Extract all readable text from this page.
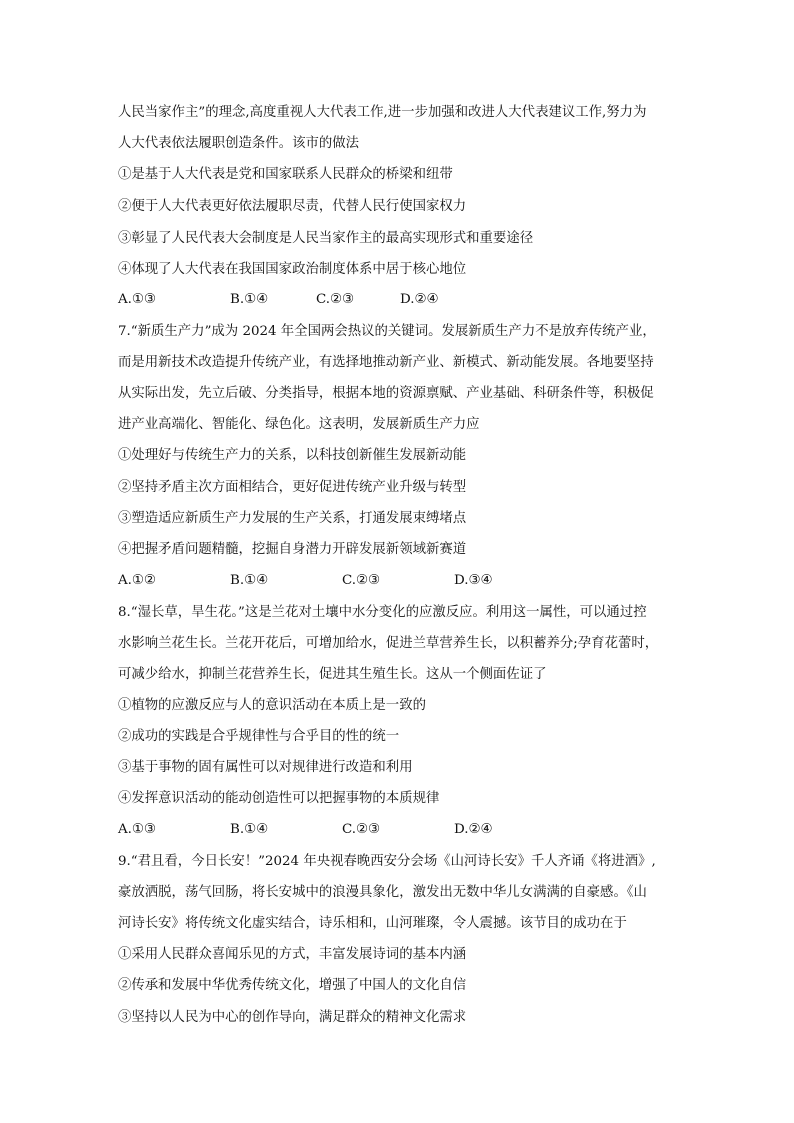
人民当家作主”的理念,高度重视人大代表工作,进一步加强和改进人大代表建议工作,努力为
人大代表依法履职创造条件。该市的做法
①是基于人大代表是党和国家联系人民群众的桥梁和纽带
②便于人大代表更好依法履职尽责，代替人民行使国家权力
③彰显了人民代表大会制度是人民当家作主的最高实现形式和重要途径
④体现了人大代表在我国国家政治制度体系中居于核心地位
A.①③	B.①④	C.②③	D.②④
7.“新质生产力”成为 2024 年全国两会热议的关键词。发展新质生产力不是放弃传统产业，
而是用新技术改造提升传统产业，有选择地推动新产业、新模式、新动能发展。各地要坚持
从实际出发，先立后破、分类指导，根据本地的资源禀赋、产业基础、科研条件等，积极促
进产业高端化、智能化、绿色化。这表明，发展新质生产力应
①处理好与传统生产力的关系，以科技创新催生发展新动能
②坚持矛盾主次方面相结合，更好促进传统产业升级与转型
③塑造适应新质生产力发展的生产关系，打通发展束缚堵点
④把握矛盾问题精髓，挖掘自身潜力开辟发展新领域新赛道
A.①②	B.①④	C.②③	D.③④
8.“湿长草，旱生花。”这是兰花对土壤中水分变化的应激反应。利用这一属性，可以通过控
水影响兰花生长。兰花开花后，可增加给水，促进兰草营养生长，以积蓄养分;孕育花蕾时，
可减少给水，抑制兰花营养生长，促进其生殖生长。这从一个侧面佐证了
①植物的应激反应与人的意识活动在本质上是一致的
②成功的实践是合乎规律性与合乎目的性的统一
③基于事物的固有属性可以对规律进行改造和利用
④发挥意识活动的能动创造性可以把握事物的本质规律
A.①③	B.①④	C.②③	D.②④
9.“君且看，今日长安！”2024 年央视春晚西安分会场《山河诗长安》千人齐诵《将进酒》,
豪放洒脱，荡气回肠，将长安城中的浪漫具象化，激发出无数中华儿女满满的自豪感。《山
河诗长安》将传统文化虚实结合，诗乐相和，山河璀璨，令人震撼。该节目的成功在于
①采用人民群众喜闻乐见的方式，丰富发展诗词的基本内涵
②传承和发展中华优秀传统文化，增强了中国人的文化自信
③坚持以人民为中心的创作导向，满足群众的精神文化需求
